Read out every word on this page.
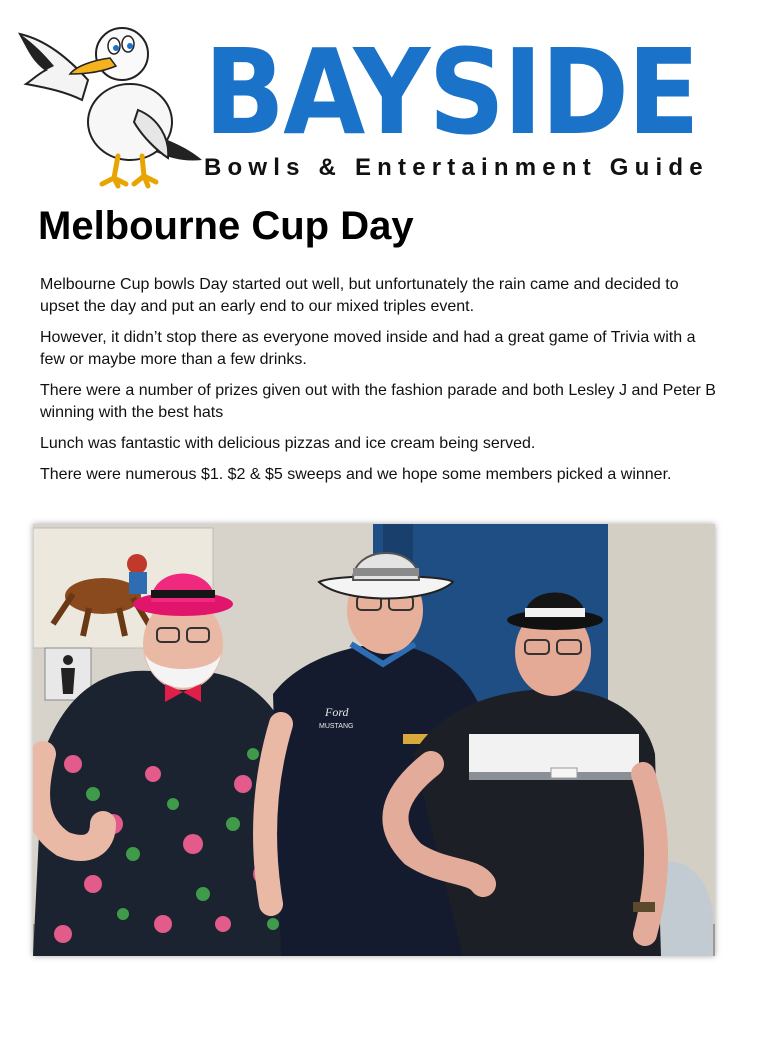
BAYSIDE
Bowls & Entertainment Guide
Melbourne Cup Day

Melbourne Cup bowls Day started out well, but unfortunately the rain came and decided to upset the day and put an early end to our mixed triples event.

However, it didn’t stop there as everyone moved inside and had a great game of Trivia with a few or maybe more than a few drinks.

There were a number of prizes given out with the fashion parade and both Lesley J and Peter B winning with the best hats

Lunch was fantastic with delicious pizzas and ice cream being served.

There were numerous $1. $2 & $5 sweeps and we hope some members picked a winner.

Ford
MUSTANG
